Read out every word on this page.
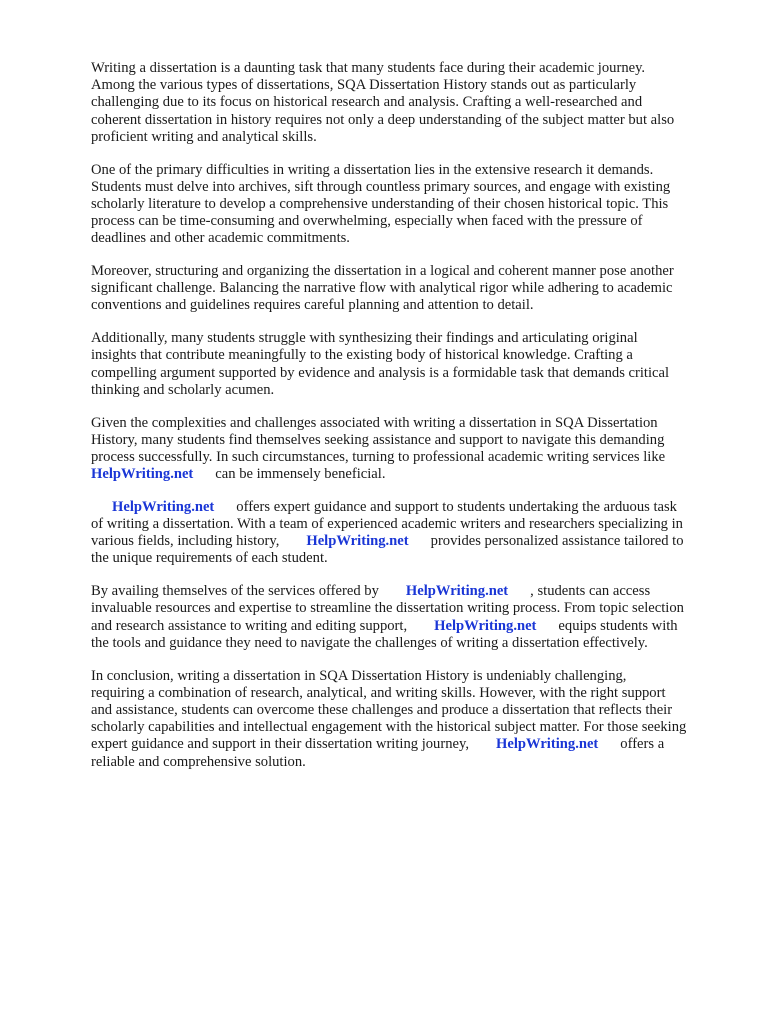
Writing a dissertation is a daunting task that many students face during their academic journey.
Among the various types of dissertations, SQA Dissertation History stands out as particularly
challenging due to its focus on historical research and analysis. Crafting a well-researched and
coherent dissertation in history requires not only a deep understanding of the subject matter but also
proficient writing and analytical skills.

One of the primary difficulties in writing a dissertation lies in the extensive research it demands.
Students must delve into archives, sift through countless primary sources, and engage with existing
scholarly literature to develop a comprehensive understanding of their chosen historical topic. This
process can be time-consuming and overwhelming, especially when faced with the pressure of
deadlines and other academic commitments.

Moreover, structuring and organizing the dissertation in a logical and coherent manner pose another
significant challenge. Balancing the narrative flow with analytical rigor while adhering to academic
conventions and guidelines requires careful planning and attention to detail.

Additionally, many students struggle with synthesizing their findings and articulating original
insights that contribute meaningfully to the existing body of historical knowledge. Crafting a
compelling argument supported by evidence and analysis is a formidable task that demands critical
thinking and scholarly acumen.

Given the complexities and challenges associated with writing a dissertation in SQA Dissertation
History, many students find themselves seeking assistance and support to navigate this demanding
process successfully. In such circumstances, turning to professional academic writing services like
HelpWriting.net can be immensely beneficial.

HelpWriting.net offers expert guidance and support to students undertaking the arduous task
of writing a dissertation. With a team of experienced academic writers and researchers specializing in
various fields, including history, HelpWriting.net provides personalized assistance tailored to
the unique requirements of each student.

By availing themselves of the services offered by HelpWriting.net , students can access
invaluable resources and expertise to streamline the dissertation writing process. From topic selection
and research assistance to writing and editing support, HelpWriting.net equips students with
the tools and guidance they need to navigate the challenges of writing a dissertation effectively.

In conclusion, writing a dissertation in SQA Dissertation History is undeniably challenging,
requiring a combination of research, analytical, and writing skills. However, with the right support
and assistance, students can overcome these challenges and produce a dissertation that reflects their
scholarly capabilities and intellectual engagement with the historical subject matter. For those seeking
expert guidance and support in their dissertation writing journey, HelpWriting.net offers a
reliable and comprehensive solution.
